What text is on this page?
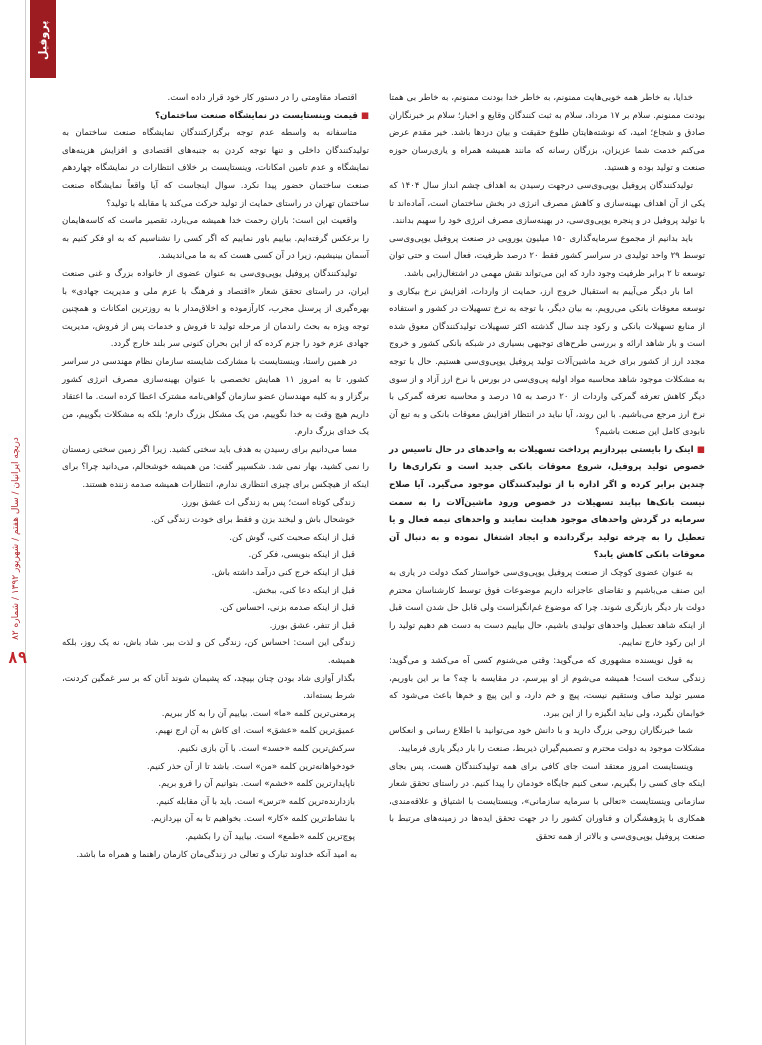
دریچه ایرانیان / سال هفتم / شهریور ۱۳۹۲ / شماره ۸۲
۸۹
پروفیل

اقتصاد مقاومتی را در دستور کار خود قرار داده است.

■ قیمت وینستایست در نمایشگاه صنعت ساختمان؟

متاسفانه به واسطه عدم توجه برگزارکنندگان نمایشگاه صنعت ساختمان به تولیدکنندگان داخلی و تنها توجه کردن به جنبه‌های اقتصادی و افزایش هزینه‌های نمایشگاه و عدم تامین امکانات، وینستایست بر خلاف انتظارات در نمایشگاه چهاردهم صنعت ساختمان حضور پیدا نکرد. سوال اینجاست که آیا واقعاً نمایشگاه صنعت ساختمان تهران در راستای حمایت از تولید حرکت می‌کند یا مقابله با تولید؟

واقعیت این است: باران رحمت خدا همیشه می‌بارد، تقصیر ماست که کاسه‌هایمان را برعکس گرفته‌ایم. بیاییم باور نماییم که اگر کسی را نشناسیم که به او فکر کنیم به آسمان بینیشیم، زیرا در آن کسی هست که به ما می‌اندیشد.

تولیدکنندگان پروفیل یوپی‌وی‌سی به عنوان عضوی از خانواده بزرگ و غنی صنعت ایران، در راستای تحقق شعار «اقتصاد و فرهنگ با عزم ملی و مدیریت جهادی» با بهره‌گیری از پرسنل مجرب، کارآزموده و اخلاق‌مدار با به روزترین امکانات و همچنین توجه ویژه به بحث راندمان از مرحله تولید تا فروش و خدمات پس از فروش، مدیریت جهادی عزم خود را جزم کرده که از این بحران کنونی سر بلند خارج گردد.

در همین راستا، وینستایست با مشارکت شایسته سازمان نظام مهندسی در سراسر کشور، تا به امروز ۱۱ همایش تخصصی با عنوان بهینه‌سازی مصرف انرژی کشور برگزار و به کلیه مهندسان عضو سازمان گواهی‌نامه مشترک اعطا کرده است. ما اعتقاد داریم هیچ وقت به خدا نگوییم، من یک مشکل بزرگ دارم؛ بلکه به مشکلات بگوییم، من یک خدای بزرگ دارم.

مسا می‌دانیم برای رسیدن به هدف باید سختی کشید. زیرا اگر زمین سختی زمستان را نمی کشید، بهار نمی شد. شکسپیر گفت: من همیشه خوشحالم، می‌دانید چرا؟ برای اینکه از هیچکس برای چیزی انتظاری ندارم، انتظارات همیشه صدمه زننده هستند.

زندگی کوتاه است؛ پس به زندگی ات عشق بورز.

خوشحال باش و لبخند بزن و فقط برای خودت زندگی کن.

قبل از اینکه صحبت کنی، گوش کن.

قبل از اینکه بنویسی، فکر کن.

قبل از اینکه خرج کنی درآمد داشته باش.

قبل از اینکه دعا کنی، ببخش.

قبل از اینکه صدمه بزنی، احساس کن.

قبل از تنفر، عشق بورز.

زندگی این است: احساس کن، زندگی کن و لذت ببر. شاد باش، نه یک روز، بلکه همیشه.

بگذار آوازی شاد بودن چنان بپیچد، که پشیمان شوند آنان که بر سر غمگین کردنت، شرط بسته‌اند.

پرمعنی‌ترین کلمه «ما» است. بیاییم آن را به کار ببریم.

عمیق‌ترین کلمه «عشق» است. ای کاش به آن ارج نهیم.

سرکش‌ترین کلمه «حسد» است. با آن بازی نکنیم.

خودخواهانه‌ترین کلمه «من» است. باشد تا از آن حذر کنیم.

ناپایدارترین کلمه «خشم» است. بتوانیم آن را فرو بریم.

بازدارنده‌ترین کلمه «ترس» است. باید با آن مقابله کنیم.

با نشاط‌ترین کلمه «کار» است. بخواهیم تا به آن بپردازیم.

پوچ‌ترین کلمه «طمع» است. بیایید آن را بکشیم.

به امید آنکه خداوند تبارک و تعالی در زندگی‌مان کارمان راهنما و همراه ما باشد.

خدایا، به خاطر همه خوبی‌هایت ممنونم، به خاطر خدا بودنت ممنونم، به خاطر بی همتا بودنت ممنونم. سلام بر ۱۷ مرداد، سلام به ثبت کنندگان وقایع و اخبار؛ سلام بر خبرنگاران صادق و شجاع؛ امید، که نوشته‌هایتان طلوع حقیقت و بیان دردها باشد. خیر مقدم عرض می‌کنم خدمت شما عزیزان، بزرگان رسانه که مانند همیشه همراه و یاری‌رسان حوزه صنعت و تولید بوده و هستید.

تولیدکنندگان پروفیل یوپی‌وی‌سی درجهت رسیدن به اهداف چشم انداز سال ۱۴۰۴ که یکی از آن اهداف بهینه‌سازی و کاهش مصرف انرژی در بخش ساختمان است، آماده‌اند تا با تولید پروفیل در و پنجره یوپی‌وی‌سی، در بهینه‌سازی مصرف انرژی خود را سهیم بدانند.

باید بدانیم از مجموع سرمایه‌گذاری ۱۵۰ میلیون یورویی در صنعت پروفیل یوپی‌وی‌سی توسط ۲۹ واحد تولیدی در سراسر کشور فقط ۲۰ درصد ظرفیت، فعال است و حتی توان توسعه تا ۲ برابر ظرفیت وجود دارد که این می‌تواند نقش مهمی در اشتغال‌زایی باشد.

اما بار دیگر می‌آییم به استقبال خروج ارز، حمایت از واردات، افزایش نرخ بیکاری و توسعه معوقات بانکی می‌رویم. به بیان دیگر، با توجه به نرخ تسهیلات در کشور و استفاده از منابع تسهیلات بانکی و رکود چند سال گذشته اکثر تسهیلات تولیدکنندگان معوق شده است و بار شاهد ارائه و بررسی طرح‌های توجیهی بسیاری در شبکه بانکی کشور و خروج مجدد ارز از کشور برای خرید ماشین‌آلات تولید پروفیل یوپی‌وی‌سی هستیم. حال با توجه به مشکلات موجود شاهد محاسبه مواد اولیه پی‌وی‌سی در بورس با نرخ ارز آزاد و از سوی دیگر کاهش تعرفه گمرکی واردات از ۲۰ درصد به ۱۵ درصد و محاسبه تعرفه گمرکی با نرخ ارز مرجع می‌باشیم. با این روند، آیا نباید در انتظار افزایش معوقات بانکی و به تبع آن نابودی کامل این صنعت باشیم؟

■ اینک را بایستی بپردازیم پرداخت تسهیلات به واحدهای در حال تاسیس در خصوص تولید پروفیل، شروع معوقات بانکی جدید است و تکراری‌ها را چندین برابر کرده و اگر اداره با از تولیدکنندگان موجود می‌گیرد. آیا صلاح نیست بانک‌ها بپایند تسهیلات در خصوص ورود ماشین‌آلات را به سمت سرمایه در گردش واحدهای موجود هدایت نمایند و واحدهای نیمه فعال و یا تعطیل را به چرخه تولید برگردانده و ایجاد اشتغال نموده و به دنبال آن معوقات بانکی کاهش یابد؟

به عنوان عضوی کوچک از صنعت پروفیل یوپی‌وی‌سی خواستار کمک دولت در یاری به این صنف می‌باشیم و تقاضای عاجزانه داریم موضوعات فوق توسط کارشناسان محترم دولت بار دیگر بازنگری شوند. چرا که موضوع غم‌انگیزاست ولی قابل حل شدن است قبل از اینکه شاهد تعطیل واحدهای تولیدی باشیم، حال بیاییم دست به دست هم دهیم تولید را از این رکود خارج نماییم.

به قول نویسنده مشهوری که می‌گوید: وقتی می‌شنوم کسی آه می‌کشد و می‌گوید: زندگی سخت است! همیشه می‌شوم از او بپرسم، در مقایسه با چه؟ ما بر این باوریم، مسیر تولید صاف وستقیم نیست، پیچ و خم دارد، و این پیچ و خم‌ها باعث می‌شود که خوابمان نگیرد، ولی نباید انگیزه را از این ببرد.

شما خبرنگاران روحی بزرگ دارید و با دانش خود می‌توانید با اطلاع رسانی و انعکاس مشکلات موجود به دولت محترم و تصمیم‌گیران ذیربط، صنعت را بار دیگر یاری فرمایید.

وینستایست امروز معتقد است جای کافی برای همه تولیدکنندگان هست، پس بجای اینکه جای کسی را بگیریم، سعی کنیم جایگاه خودمان را پیدا کنیم. در راستای تحقق شعار سازمانی وینستایست «تعالی با سرمایه سازمانی»، وینستایست با اشتیاق و علاقه‌مندی، همکاری با پژوهشگران و فناوران کشور را در جهت تحقق ایده‌ها در زمینه‌های مرتبط با صنعت پروفیل یوپی‌وی‌سی و بالاتر از همه تحقق
